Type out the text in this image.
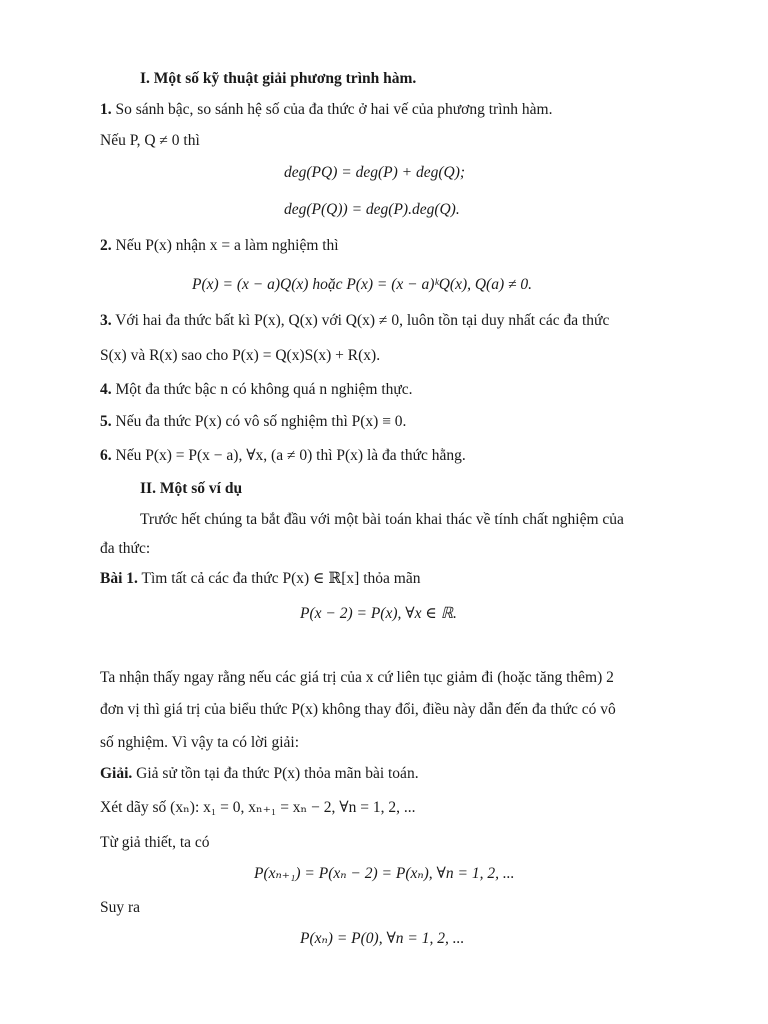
I. Một số kỹ thuật giải phương trình hàm.
1. So sánh bậc, so sánh hệ số của đa thức ở hai vế của phương trình hàm.
Nếu P, Q ≠ 0 thì
deg(PQ) = deg(P) + deg(Q);
deg(P(Q)) = deg(P).deg(Q).
2. Nếu P(x) nhận x = a làm nghiệm thì
P(x) = (x − a)Q(x) hoặc P(x) = (x − a)ᵏQ(x), Q(a) ≠ 0.
3. Với hai đa thức bất kì P(x), Q(x) với Q(x) ≠ 0, luôn tồn tại duy nhất các đa thức
S(x) và R(x) sao cho P(x) = Q(x)S(x) + R(x).
4. Một đa thức bậc n có không quá n nghiệm thực.
5. Nếu đa thức P(x) có vô số nghiệm thì P(x) ≡ 0.
6. Nếu P(x) = P(x − a), ∀x, (a ≠ 0) thì P(x) là đa thức hằng.
II. Một số ví dụ
Trước hết chúng ta bắt đầu với một bài toán khai thác về tính chất nghiệm của
đa thức:
Bài 1. Tìm tất cả các đa thức P(x) ∈ ℝ[x] thỏa mãn
P(x − 2) = P(x), ∀x ∈ ℝ.
Ta nhận thấy ngay rằng nếu các giá trị của x cứ liên tục giảm đi (hoặc tăng thêm) 2
đơn vị thì giá trị của biểu thức P(x) không thay đổi, điều này dẫn đến đa thức có vô
số nghiệm. Vì vậy ta có lời giải:
Giải. Giả sử tồn tại đa thức P(x) thỏa mãn bài toán.
Xét dãy số (xₙ): x₁ = 0, xₙ₊₁ = xₙ − 2, ∀n = 1, 2, ...
Từ giả thiết, ta có
P(xₙ₊₁) = P(xₙ − 2) = P(xₙ), ∀n = 1, 2, ...
Suy ra
P(xₙ) = P(0), ∀n = 1, 2, ...
